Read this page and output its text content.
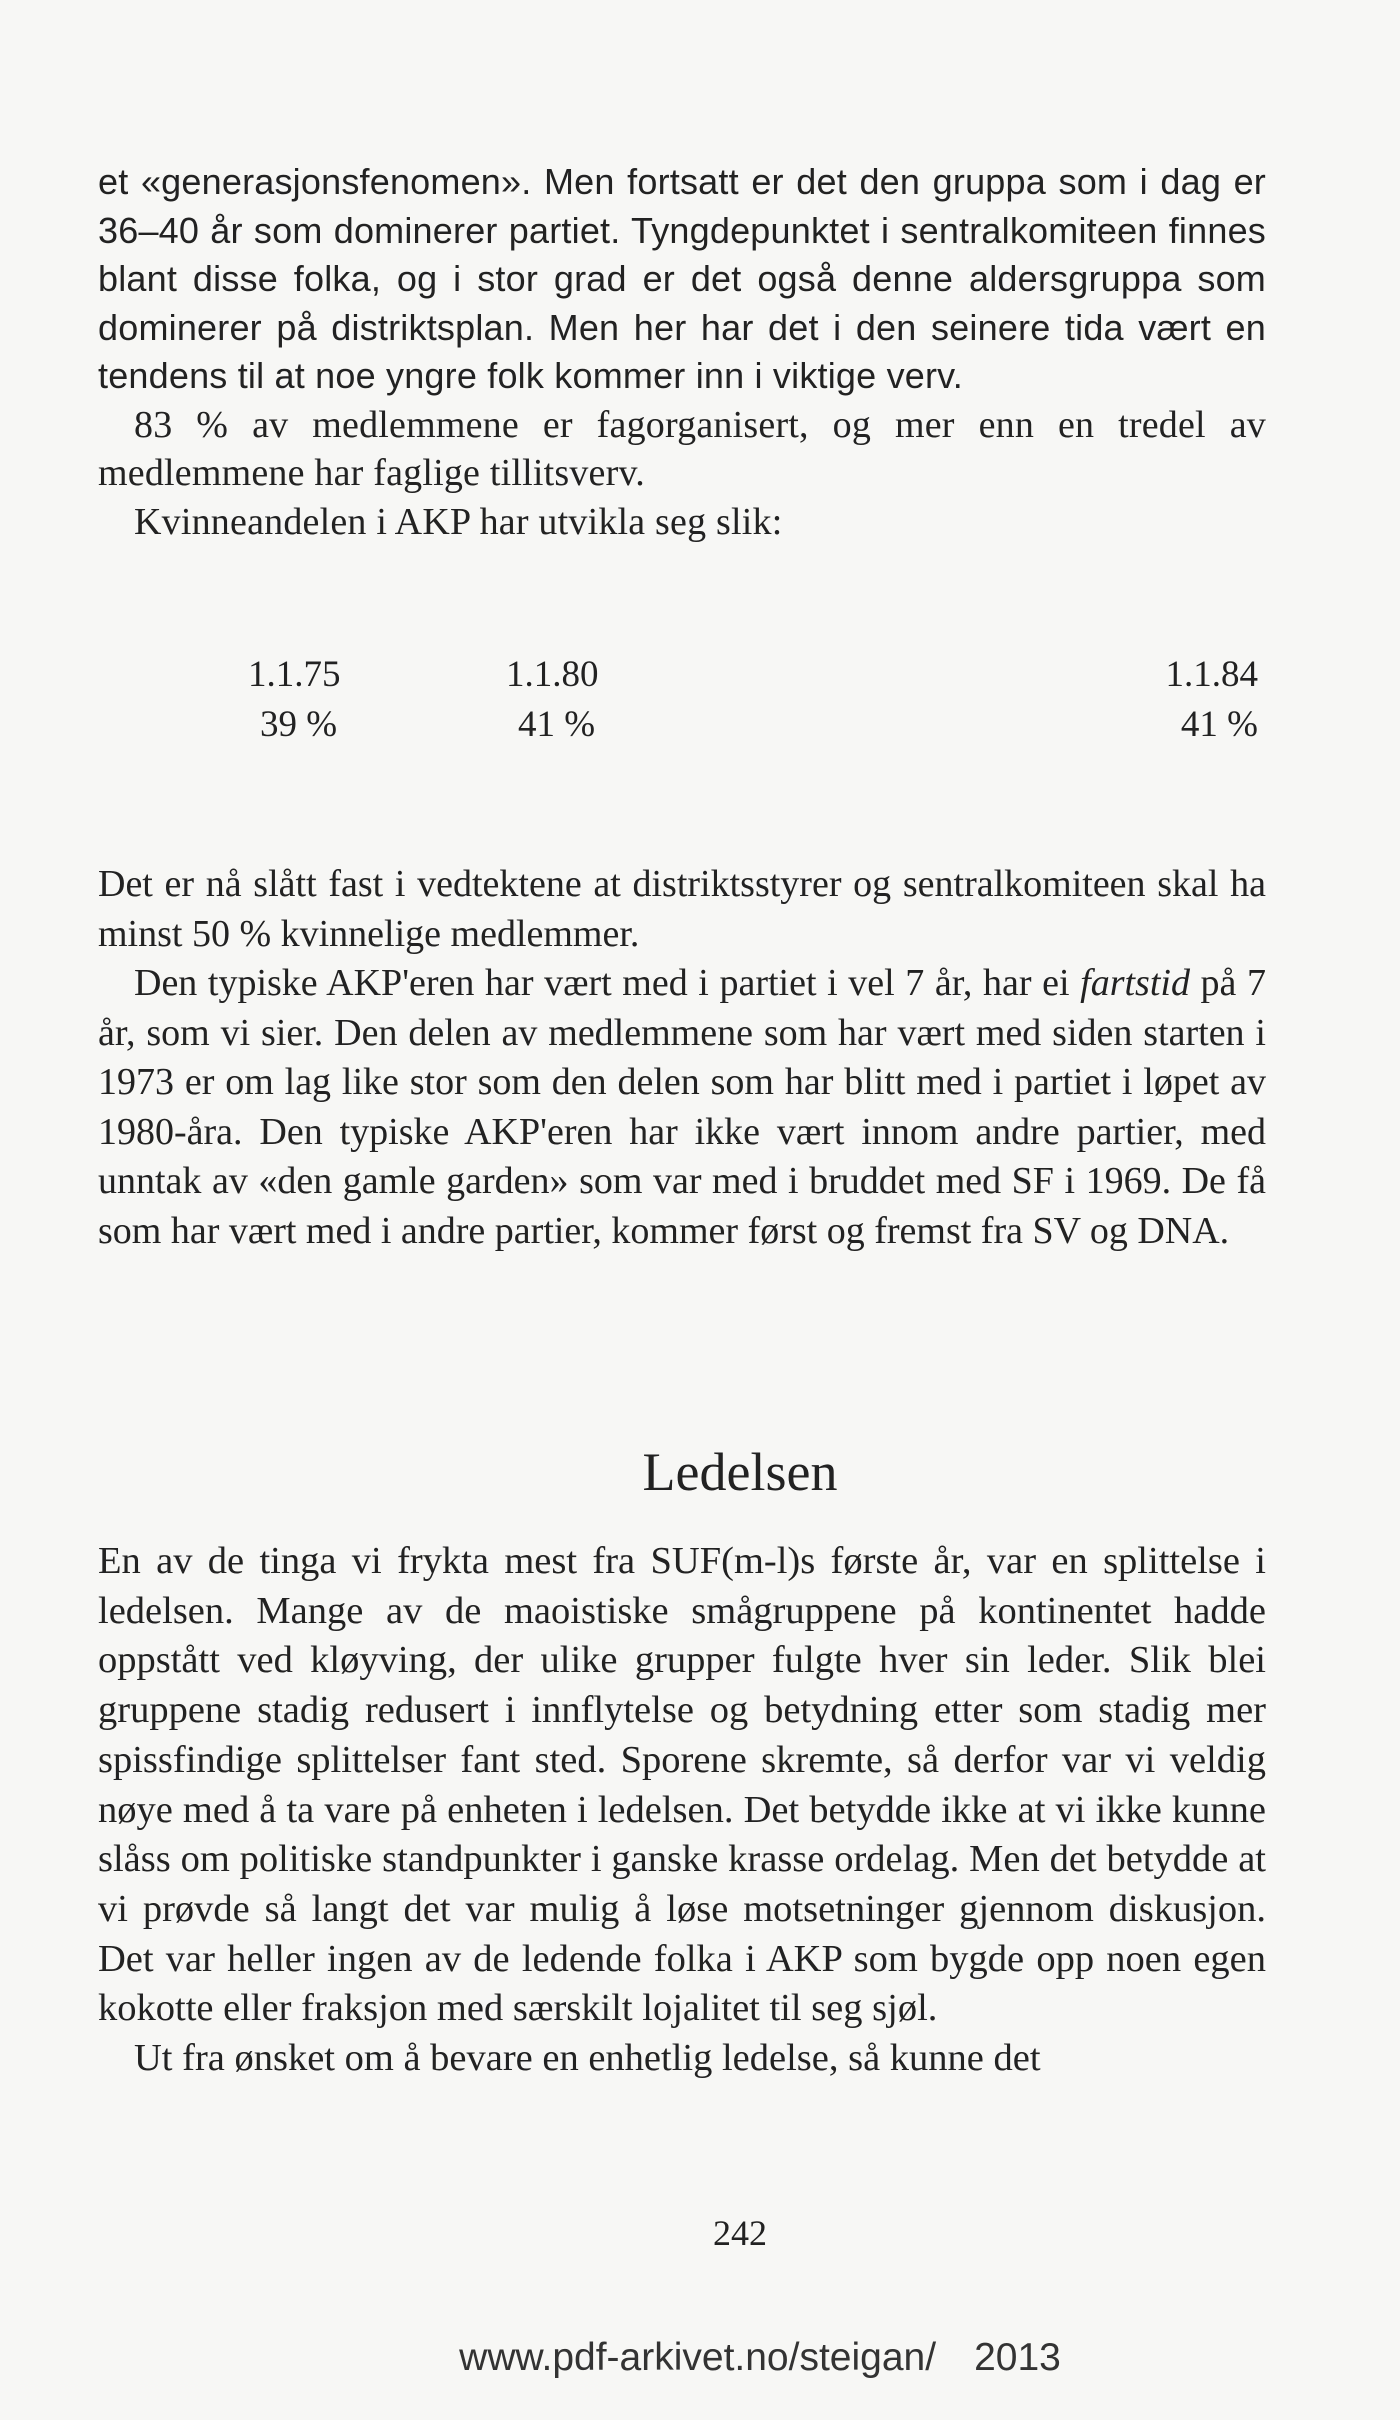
et «generasjonsfenomen». Men fortsatt er det den gruppa som i dag er 36–40 år som dominerer partiet. Tyngdepunktet i sentralkomiteen finnes blant disse folka, og i stor grad er det også denne aldersgruppa som dominerer på distriktsplan. Men her har det i den seinere tida vært en tendens til at noe yngre folk kommer inn i viktige verv.

83 % av medlemmene er fagorganisert, og mer enn en tredel av medlemmene har faglige tillitsverv.

Kvinneandelen i AKP har utvikla seg slik:

1.1.75
39 %
1.1.80
41 %
1.1.84
41 %

Det er nå slått fast i vedtektene at distriktsstyrer og sentralkomiteen skal ha minst 50 % kvinnelige medlemmer.

Den typiske AKP'eren har vært med i partiet i vel 7 år, har ei fartstid på 7 år, som vi sier. Den delen av medlemmene som har vært med siden starten i 1973 er om lag like stor som den delen som har blitt med i partiet i løpet av 1980-åra. Den typiske AKP'eren har ikke vært innom andre partier, med unntak av «den gamle garden» som var med i bruddet med SF i 1969. De få som har vært med i andre partier, kommer først og fremst fra SV og DNA.

Ledelsen

En av de tinga vi frykta mest fra SUF(m-l)s første år, var en splittelse i ledelsen. Mange av de maoistiske smågruppene på kontinentet hadde oppstått ved kløyving, der ulike grupper fulgte hver sin leder. Slik blei gruppene stadig redusert i innflytelse og betydning etter som stadig mer spissfindige splittelser fant sted. Sporene skremte, så derfor var vi veldig nøye med å ta vare på enheten i ledelsen. Det betydde ikke at vi ikke kunne slåss om politiske standpunkter i ganske krasse ordelag. Men det betydde at vi prøvde så langt det var mulig å løse motsetninger gjennom diskusjon. Det var heller ingen av de ledende folka i AKP som bygde opp noen egen kokotte eller fraksjon med særskilt lojalitet til seg sjøl.

Ut fra ønsket om å bevare en enhetlig ledelse, så kunne det

242
www.pdf-arkivet.no/steigan/ 2013
